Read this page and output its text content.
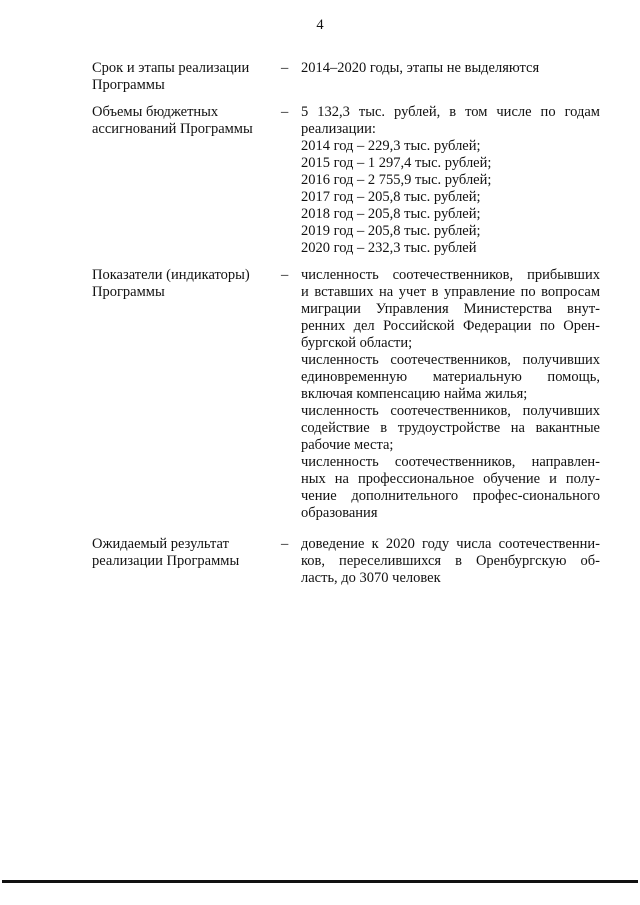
4
Срок и этапы реализации
Программы
– 2014–2020 годы, этапы не выделяются
Объемы бюджетных
ассигнований Программы
– 5 132,3 тыс. рублей, в том числе по годам
реализации:
2014 год – 229,3 тыс. рублей;
2015 год – 1 297,4 тыс. рублей;
2016 год – 2 755,9 тыс. рублей;
2017 год – 205,8 тыс. рублей;
2018 год – 205,8 тыс. рублей;
2019 год – 205,8 тыс. рублей;
2020 год – 232,3 тыс. рублей
Показатели (индикаторы)
Программы
– численность соотечественников, прибывших
и вставших на учет в управление по вопросам
миграции Управления Министерства внут-
ренних дел Российской Федерации по Орен-
бургской области;
численность соотечественников, получивших
единовременную материальную помощь,
включая компенсацию найма жилья;
численность соотечественников, получивших
содействие в трудоустройстве на вакантные
рабочие места;
численность соотечественников, направлен-
ных на профессиональное обучение и полу-
чение дополнительного профес-сионального
образования
Ожидаемый результат
реализации Программы
– доведение к 2020 году числа соотечественни-
ков, переселившихся в Оренбургскую об-
ласть, до 3070 человек
